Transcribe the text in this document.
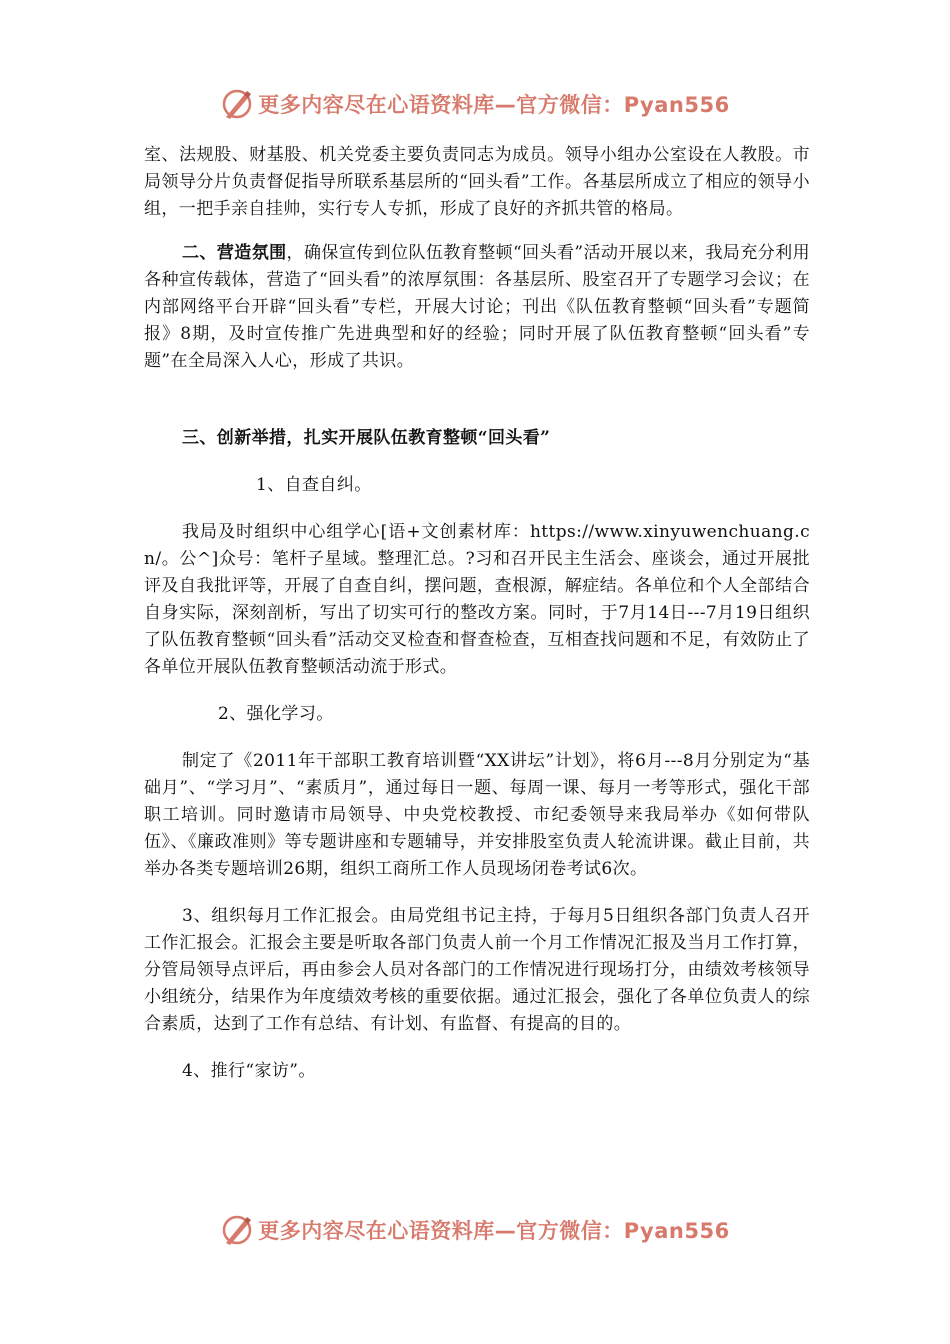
更多内容尽在心语资料库—官方微信：Pyan556

室、法规股、财基股、机关党委主要负责同志为成员。领导小组办公室设在人教股。市局领导分片负责督促指导所联系基层所的“回头看”工作。各基层所成立了相应的领导小组，一把手亲自挂帅，实行专人专抓，形成了良好的齐抓共管的格局。

二、营造氛围，确保宣传到位队伍教育整顿“回头看”活动开展以来，我局充分利用各种宣传载体，营造了“回头看”的浓厚氛围：各基层所、股室召开了专题学习会议；在内部网络平台开辟“回头看”专栏，开展大讨论；刊出《队伍教育整顿“回头看”专题简报》8期，及时宣传推广先进典型和好的经验；同时开展了队伍教育整顿“回头看”专题”在全局深入人心，形成了共识。

三、创新举措，扎实开展队伍教育整顿“回头看”

1、自查自纠。

我局及时组织中心组学心[语+文创素材库：https://www.xinyuwenchuang.cn/。公^]众号：笔杆子星域。整理汇总。?习和召开民主生活会、座谈会，通过开展批评及自我批评等，开展了自查自纠，摆问题，查根源，解症结。各单位和个人全部结合自身实际，深刻剖析，写出了切实可行的整改方案。同时，于7月14日---7月19日组织了队伍教育整顿“回头看”活动交叉检查和督查检查，互相查找问题和不足，有效防止了各单位开展队伍教育整顿活动流于形式。

2、强化学习。

制定了《2011年干部职工教育培训暨“XX讲坛”计划》，将6月---8月分别定为“基础月”、“学习月”、“素质月”，通过每日一题、每周一课、每月一考等形式，强化干部职工培训。同时邀请市局领导、中央党校教授、市纪委领导来我局举办《如何带队伍》、《廉政准则》等专题讲座和专题辅导，并安排股室负责人轮流讲课。截止目前，共举办各类专题培训26期，组织工商所工作人员现场闭卷考试6次。

3、组织每月工作汇报会。由局党组书记主持，于每月5日组织各部门负责人召开工作汇报会。汇报会主要是听取各部门负责人前一个月工作情况汇报及当月工作打算，分管局领导点评后，再由参会人员对各部门的工作情况进行现场打分，由绩效考核领导小组统分，结果作为年度绩效考核的重要依据。通过汇报会，强化了各单位负责人的综合素质，达到了工作有总结、有计划、有监督、有提高的目的。

4、推行“家访”。

更多内容尽在心语资料库—官方微信：Pyan556
